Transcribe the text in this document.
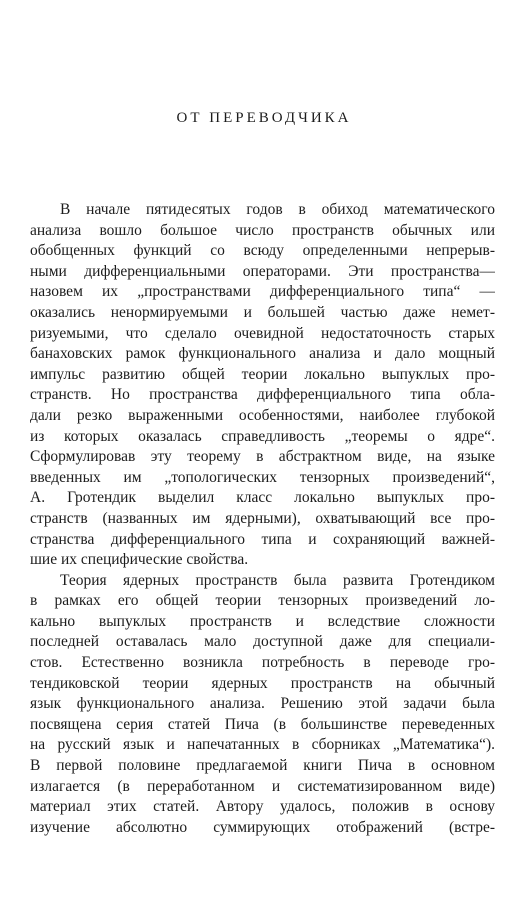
ОТ ПЕРЕВОДЧИКА
В начале пятидесятых годов в обиход математического
анализа вошло большое число пространств обычных или
обобщенных функций со всюду определенными непрерыв-
ными дифференциальными операторами. Эти пространства—
назовем их „пространствами дифференциального типа“ —
оказались ненормируемыми и большей частью даже немет-
ризуемыми, что сделало очевидной недостаточность старых
банаховских рамок функционального анализа и дало мощный
импульс развитию общей теории локально выпуклых про-
странств. Но пространства дифференциального типа обла-
дали резко выраженными особенностями, наиболее глубокой
из которых оказалась справедливость „теоремы о ядре“.
Сформулировав эту теорему в абстрактном виде, на языке
введенных им „топологических тензорных произведений“,
А. Гротендик выделил класс локально выпуклых про-
странств (названных им ядерными), охватывающий все про-
странства дифференциального типа и сохраняющий важней-
шие их специфические свойства.
Теория ядерных пространств была развита Гротендиком
в рамках его общей теории тензорных произведений ло-
кально выпуклых пространств и вследствие сложности
последней оставалась мало доступной даже для специали-
стов. Естественно возникла потребность в переводе гро-
тендиковской теории ядерных пространств на обычный
язык функционального анализа. Решению этой задачи была
посвящена серия статей Пича (в большинстве переведенных
на русский язык и напечатанных в сборниках „Математика“).
В первой половине предлагаемой книги Пича в основном
излагается (в переработанном и систематизированном виде)
материал этих статей. Автору удалось, положив в основу
изучение абсолютно суммирующих отображений (встре-
